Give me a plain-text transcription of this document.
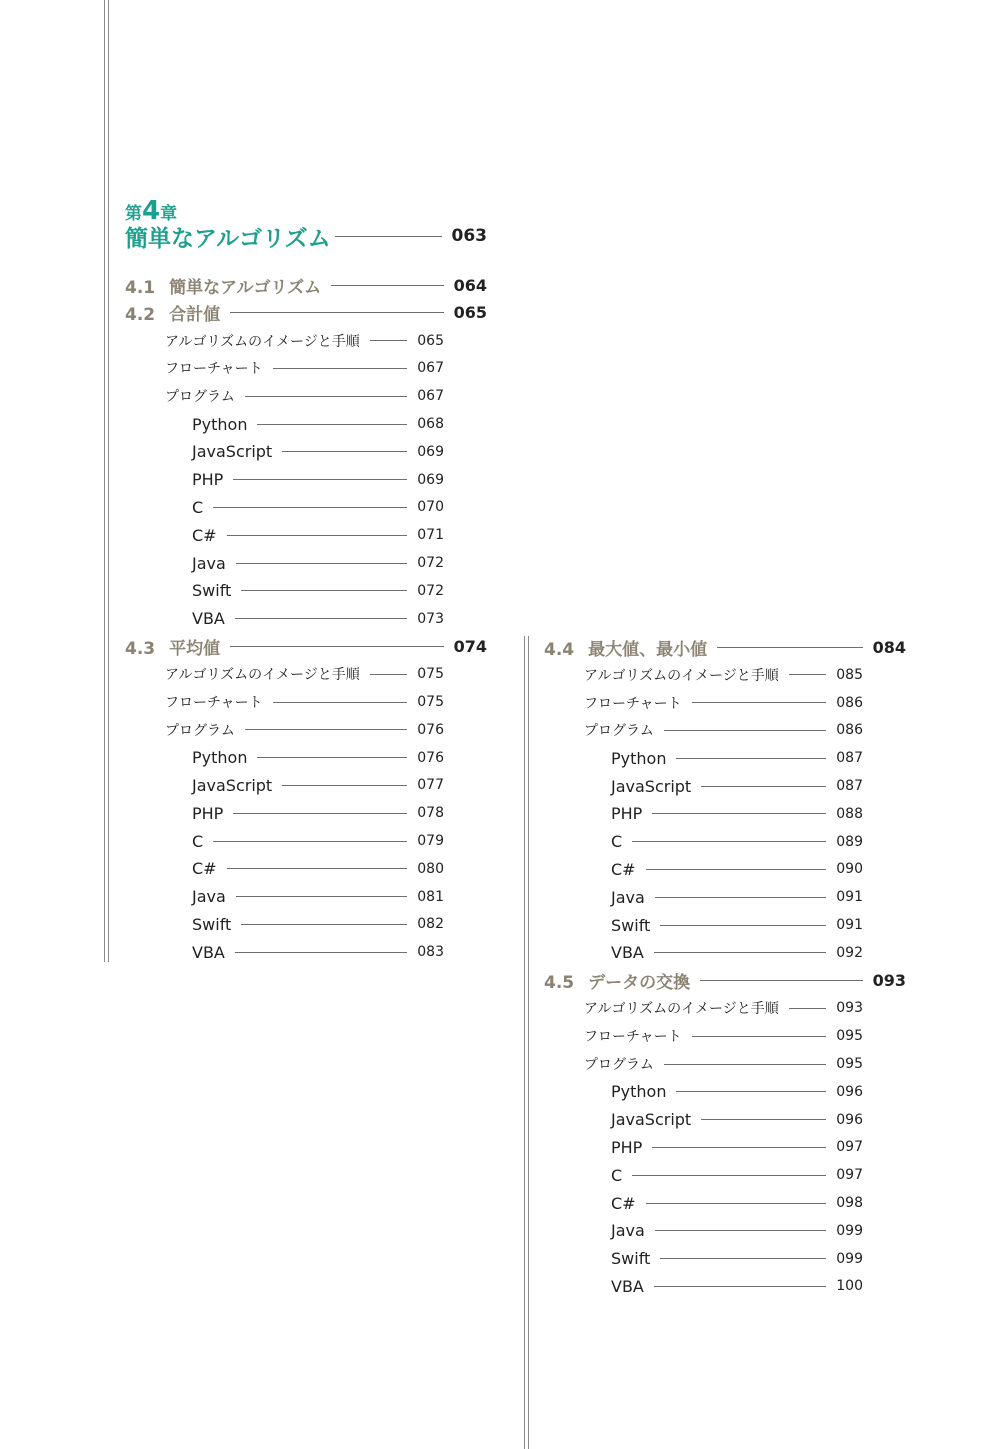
第4章
簡単なアルゴリズム	063
4.1 簡単なアルゴリズム	064
4.2 合計値	065
アルゴリズムのイメージと手順	065
フローチャート	067
プログラム	067
Python	068
JavaScript	069
PHP	069
C	070
C#	071
Java	072
Swift	072
VBA	073
4.3 平均値	074
アルゴリズムのイメージと手順	075
フローチャート	075
プログラム	076
Python	076
JavaScript	077
PHP	078
C	079
C#	080
Java	081
Swift	082
VBA	083
4.4 最大値、最小値	084
アルゴリズムのイメージと手順	085
フローチャート	086
プログラム	086
Python	087
JavaScript	087
PHP	088
C	089
C#	090
Java	091
Swift	091
VBA	092
4.5 データの交換	093
アルゴリズムのイメージと手順	093
フローチャート	095
プログラム	095
Python	096
JavaScript	096
PHP	097
C	097
C#	098
Java	099
Swift	099
VBA	100
